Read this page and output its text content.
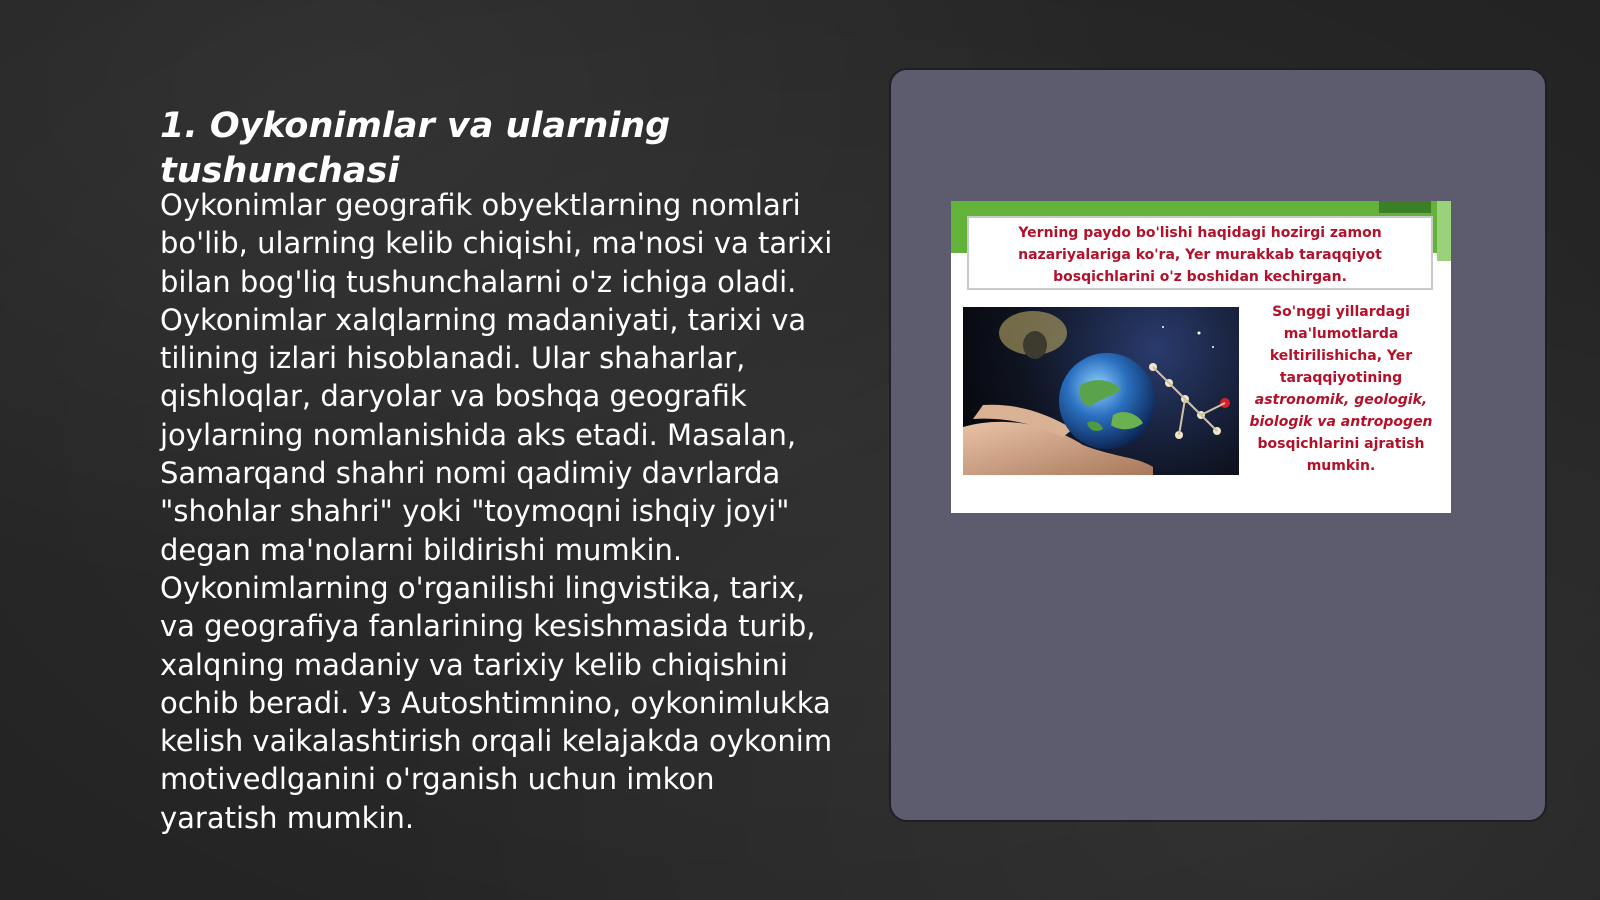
1. Oykonimlar va ularning tushunchasi

Oykonimlar geografik obyektlarning nomlari bo'lib, ularning kelib chiqishi, ma'nosi va tarixi bilan bog'liq tushunchalarni o'z ichiga oladi. Oykonimlar xalqlarning madaniyati, tarixi va tilining izlari hisoblanadi. Ular shaharlar, qishloqlar, daryolar va boshqa geografik joylarning nomlanishida aks etadi. Masalan, Samarqand shahri nomi qadimiy davrlarda "shohlar shahri" yoki "toymoqni ishqiy joyi" degan ma'nolarni bildirishi mumkin. Oykonimlarning o'rganilishi lingvistika, tarix, va geografiya fanlarining kesishmasida turib, xalqning madaniy va tarixiy kelib chiqishini ochib beradi. Уз Autoshtimnino, oykonimlukka kelish vaikalashtirish orqali kelajakda oykonim motivedlganini o'rganish uchun imkon yaratish mumkin.

Yerning paydo bo'lishi haqidagi hozirgi zamon nazariyalariga ko'ra, Yer murakkab taraqqiyot bosqichlarini o'z boshidan kechirgan.

So'nggi yillardagi ma'lumotlarda keltirilishicha, Yer taraqqiyotining astronomik, geologik, biologik va antropogen bosqichlarini ajratish mumkin.
